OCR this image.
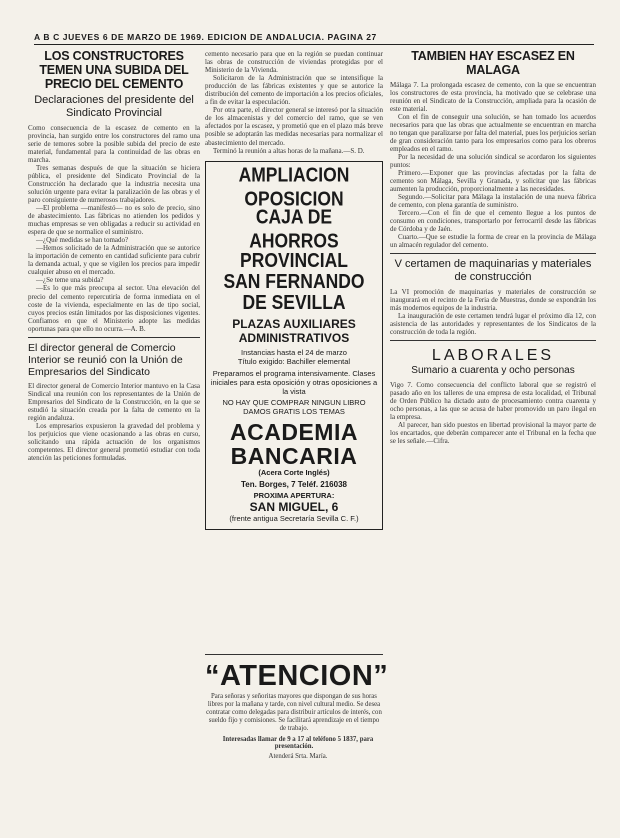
A B C JUEVES 6 DE MARZO DE 1969. EDICION DE ANDALUCIA. PAGINA 27
LOS CONSTRUCTORES TEMEN UNA SUBIDA DEL PRECIO DEL CEMENTO
Declaraciones del presidente del Sindicato Provincial

Como consecuencia de la escasez de cemento en la provincia, han surgido entre los constructores del ramo una serie de temores sobre la posible subida del precio de este material, fundamental para la continuidad de las obras en marcha.

Tres semanas después de que la situación se hiciera pública, el presidente del Sindicato Provincial de la Construcción ha declarado que la industria necesita una solución urgente para evitar la paralización de las obras y el paro consiguiente de numerosos trabajadores.

—El problema —manifestó— no es solo de precio, sino de abastecimiento. Las fábricas no atienden los pedidos y muchas empresas se ven obligadas a reducir su actividad en espera de que se normalice el suministro.

—¿Qué medidas se han tomado?

—Hemos solicitado de la Administración que se autorice la importación de cemento en cantidad suficiente para cubrir la demanda actual, y que se vigilen los precios para impedir cualquier abuso en el mercado.

—¿Se teme una subida?

—Es lo que más preocupa al sector. Una elevación del precio del cemento repercutiría de forma inmediata en el coste de la vivienda, especialmente en las de tipo social, cuyos precios están limitados por las disposiciones vigentes. Confiamos en que el Ministerio adopte las medidas oportunas para que ello no ocurra.—A. B.

El director general de Comercio Interior se reunió con la Unión de Empresarios del Sindicato

El director general de Comercio Interior mantuvo en la Casa Sindical una reunión con los representantes de la Unión de Empresarios del Sindicato de la Construcción, en la que se estudió la situación creada por la falta de cemento en la región andaluza.

Los empresarios expusieron la gravedad del problema y los perjuicios que viene ocasionando a las obras en curso, solicitando una rápida actuación de los organismos competentes. El director general prometió estudiar con toda atención las peticiones formuladas.

cemento necesario para que en la región se puedan continuar las obras de construcción de viviendas protegidas por el Ministerio de la Vivienda.

Solicitaron de la Administración que se intensifique la producción de las fábricas existentes y que se autorice la distribución del cemento de importación a los precios oficiales, a fin de evitar la especulación.

Por otra parte, el director general se interesó por la situación de los almacenistas y del comercio del ramo, que se ven afectados por la escasez, y prometió que en el plazo más breve posible se adoptarán las medidas necesarias para normalizar el abastecimiento del mercado.

Terminó la reunión a altas horas de la mañana.—S. D.

AMPLIACION OPOSICION
CAJA DE AHORROS
PROVINCIAL
SAN FERNANDO
DE SEVILLA
PLAZAS AUXILIARES ADMINISTRATIVOS
Instancias hasta el 24 de marzo
Título exigido: Bachiller elemental
Preparamos el programa intensivamente. Clases iniciales para esta oposición y otras oposiciones a la vista
NO HAY QUE COMPRAR NINGUN LIBRO
DAMOS GRATIS LOS TEMAS
ACADEMIA
BANCARIA
(Acera Corte Inglés)
Ten. Borges, 7 Teléf. 216038
PROXIMA APERTURA:
SAN MIGUEL, 6
(frente antigua Secretaría Sevilla C. F.)
“ATENCION”

Para señoras y señoritas mayores que dispongan de sus horas libres por la mañana y tarde, con nivel cultural medio. Se desea contratar como delegadas para distribuir artículos de interés, con sueldo fijo y comisiones. Se facilitará aprendizaje en el tiempo de trabajo.

Interesadas llamar de 9 a 17 al teléfono 5 1837, para presentación.

Atenderá Srta. María.

TAMBIEN HAY ESCASEZ EN MALAGA

Málaga 7. La prolongada escasez de cemento, con la que se encuentran los constructores de esta provincia, ha motivado que se celebrase una reunión en el Sindicato de la Construcción, ampliada para la ocasión de este material.

Con el fin de conseguir una solución, se han tomado los acuerdos necesarios para que las obras que actualmente se encuentran en marcha no tengan que paralizarse por falta del material, pues los perjuicios serían de gran consideración tanto para los empresarios como para los obreros empleados en el ramo.

Por la necesidad de una solución sindical se acordaron los siguientes puntos:

Primero.—Exponer que las provincias afectadas por la falta de cemento son Málaga, Sevilla y Granada, y solicitar que las fábricas aumenten la producción, proporcionalmente a las necesidades.

Segundo.—Solicitar para Málaga la instalación de una nueva fábrica de cemento, con plena garantía de suministro.

Tercero.—Con el fin de que el cemento llegue a los puntos de consumo en condiciones, transportarlo por ferrocarril desde las fábricas de Córdoba y de Jaén.

Cuarto.—Que se estudie la forma de crear en la provincia de Málaga un almacén regulador del cemento.

V certamen de maquinarias y materiales de construcción

La VI promoción de maquinarias y materiales de construcción se inaugurará en el recinto de la Feria de Muestras, donde se expondrán los más modernos equipos de la industria.

La inauguración de este certamen tendrá lugar el próximo día 12, con asistencia de las autoridades y representantes de los Sindicatos de la construcción de toda la región.

LABORALES
Sumario a cuarenta y ocho personas

Vigo 7. Como consecuencia del conflicto laboral que se registró el pasado año en los talleres de una empresa de esta localidad, el Tribunal de Orden Público ha dictado auto de procesamiento contra cuarenta y ocho personas, a las que se acusa de haber promovido un paro ilegal en la empresa.

Al parecer, han sido puestos en libertad provisional la mayor parte de los encartados, que deberán comparecer ante el Tribunal en la fecha que se les señale.—Cifra.
